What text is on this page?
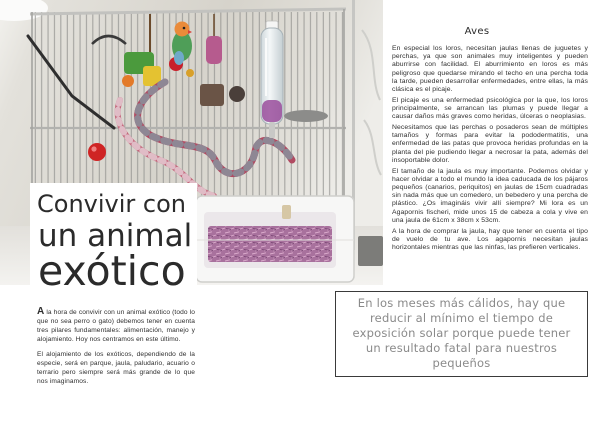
Convivir con
un animal
exótico

A la hora de convivir con un animal exótico (todo lo que no sea perro o gato) debemos tener en cuenta tres pilares fundamentales: alimentación, manejo y alojamiento. Hoy nos centramos en este último.

El alojamiento de los exóticos, dependiendo de la especie, será en parque, jaula, paludario, acuario o terrario pero siempre será más grande de lo que nos imaginamos.

Aves

En especial los loros, necesitan jaulas llenas de juguetes y perchas, ya que son animales muy inteligentes y pueden aburrirse con facilidad. El aburrimiento en loros es más peligroso que quedarse mirando el techo en una percha toda la tarde, pueden desarrollar enfermedades, entre ellas, la más clásica es el picaje.

El picaje es una enfermedad psicológica por la que, los loros principalmente, se arrancan las plumas y puede llegar a causar daños más graves como heridas, úlceras o neoplasias.

Necesitamos que las perchas o posaderos sean de múltiples tamaños y formas para evitar la pododermatitis, una enfermedad de las patas que provoca heridas profundas en la planta del pie pudiendo llegar a necrosar la pata, además del insoportable dolor.

El tamaño de la jaula es muy importante. Podemos olvidar y hacer olvidar a todo el mundo la idea caducada de los pájaros pequeños (canarios, periquitos) en jaulas de 15cm cuadradas sin nada más que un comedero, un bebedero y una percha de plástico. ¿Os imagináis vivir allí siempre? Mi lora es un Agapornis fischeri, mide unos 15 de cabeza a cola y vive en una jaula de 61cm x 38cm x 53cm.

A la hora de comprar la jaula, hay que tener en cuenta el tipo de vuelo de tu ave. Los agapornis necesitan jaulas horizontales mientras que las ninfas, las prefieren verticales.

En los meses más cálidos, hay que reducir al mínimo el tiempo de exposición solar porque puede tener un resultado fatal para nuestros pequeños
